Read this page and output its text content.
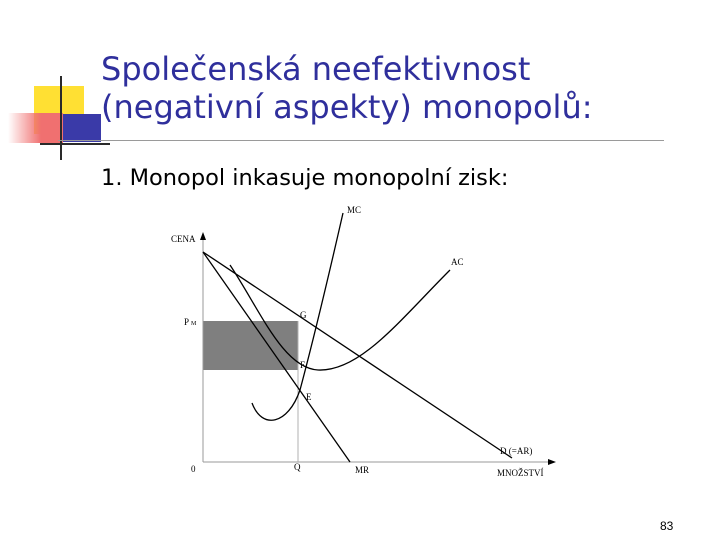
Společenská neefektivnost
(negativní aspekty) monopolů:
1. Monopol inkasuje monopolní zisk:
CENA
MNOŽSTVÍ
0
P M
Q
MC
AC
MR
D (=AR)
G
F
E
83
